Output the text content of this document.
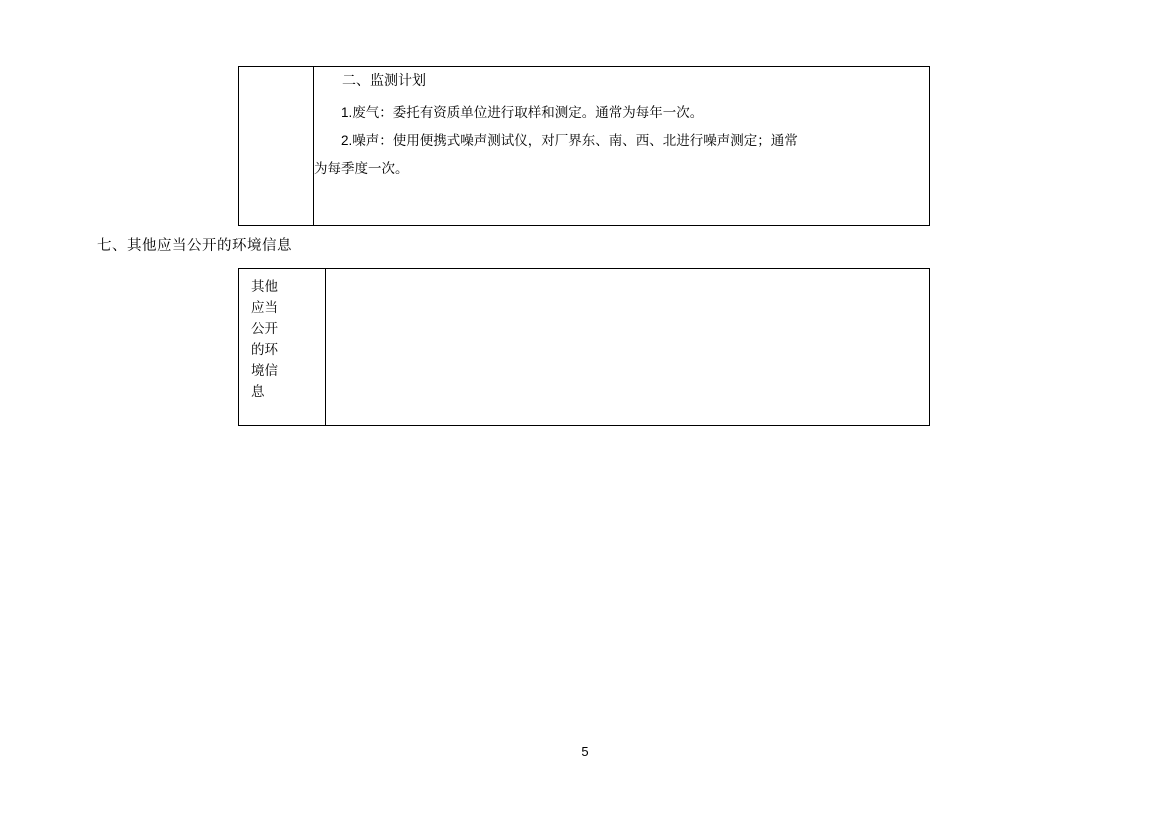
二、监测计划

1.废气：委托有资质单位进行取样和测定。通常为每年一次。

2.噪声：使用便携式噪声测试仪，对厂界东、南、西、北进行噪声测定；通常

为每季度一次。

七、其他应当公开的环境信息
其他
应当
公开
的环
境信
息

5
